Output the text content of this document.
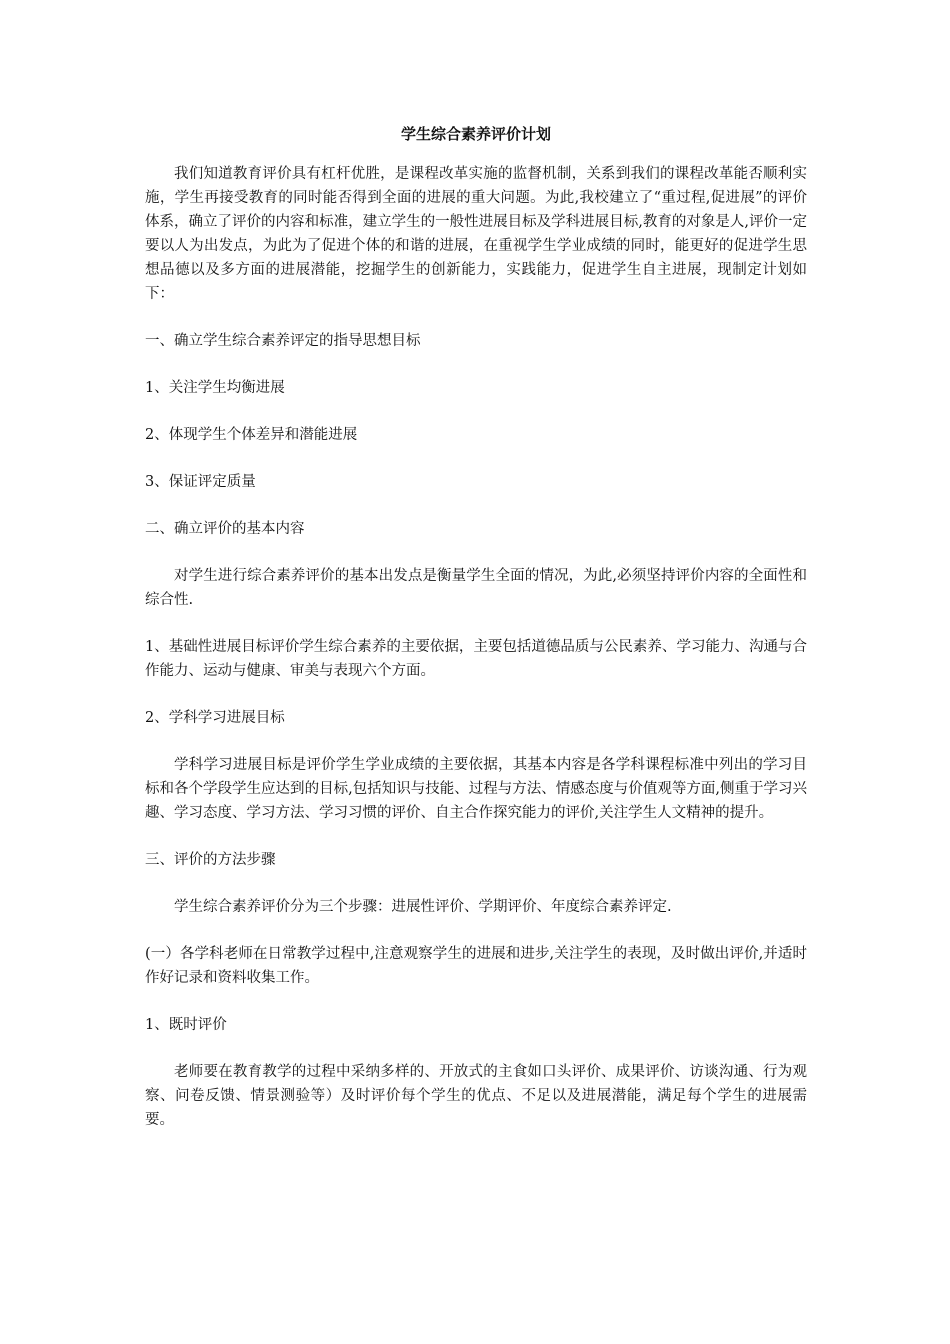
学生综合素养评价计划

我们知道教育评价具有杠杆优胜，是课程改革实施的监督机制，关系到我们的课程改革能否顺利实施，学生再接受教育的同时能否得到全面的进展的重大问题。为此,我校建立了“重过程,促进展”的评价体系，确立了评价的内容和标准，建立学生的一般性进展目标及学科进展目标,教育的对象是人,评价一定要以人为出发点，为此为了促进个体的和谐的进展，在重视学生学业成绩的同时，能更好的促进学生思想品德以及多方面的进展潜能，挖掘学生的创新能力，实践能力，促进学生自主进展，现制定计划如下：

一、确立学生综合素养评定的指导思想目标

1、关注学生均衡进展

2、体现学生个体差异和潜能进展

3、保证评定质量

二、确立评价的基本内容

对学生进行综合素养评价的基本出发点是衡量学生全面的情况，为此,必须坚持评价内容的全面性和综合性.

1、基础性进展目标评价学生综合素养的主要依据，主要包括道德品质与公民素养、学习能力、沟通与合作能力、运动与健康、审美与表现六个方面。

2、学科学习进展目标

学科学习进展目标是评价学生学业成绩的主要依据，其基本内容是各学科课程标准中列出的学习目标和各个学段学生应达到的目标,包括知识与技能、过程与方法、情感态度与价值观等方面,侧重于学习兴趣、学习态度、学习方法、学习习惯的评价、自主合作探究能力的评价,关注学生人文精神的提升。

三、评价的方法步骤

学生综合素养评价分为三个步骤：进展性评价、学期评价、年度综合素养评定.

(一）各学科老师在日常教学过程中,注意观察学生的进展和进步,关注学生的表现，及时做出评价,并适时作好记录和资料收集工作。

1、既时评价

老师要在教育教学的过程中采纳多样的、开放式的主食如口头评价、成果评价、访谈沟通、行为观察、问卷反馈、情景测验等）及时评价每个学生的优点、不足以及进展潜能，满足每个学生的进展需要。
